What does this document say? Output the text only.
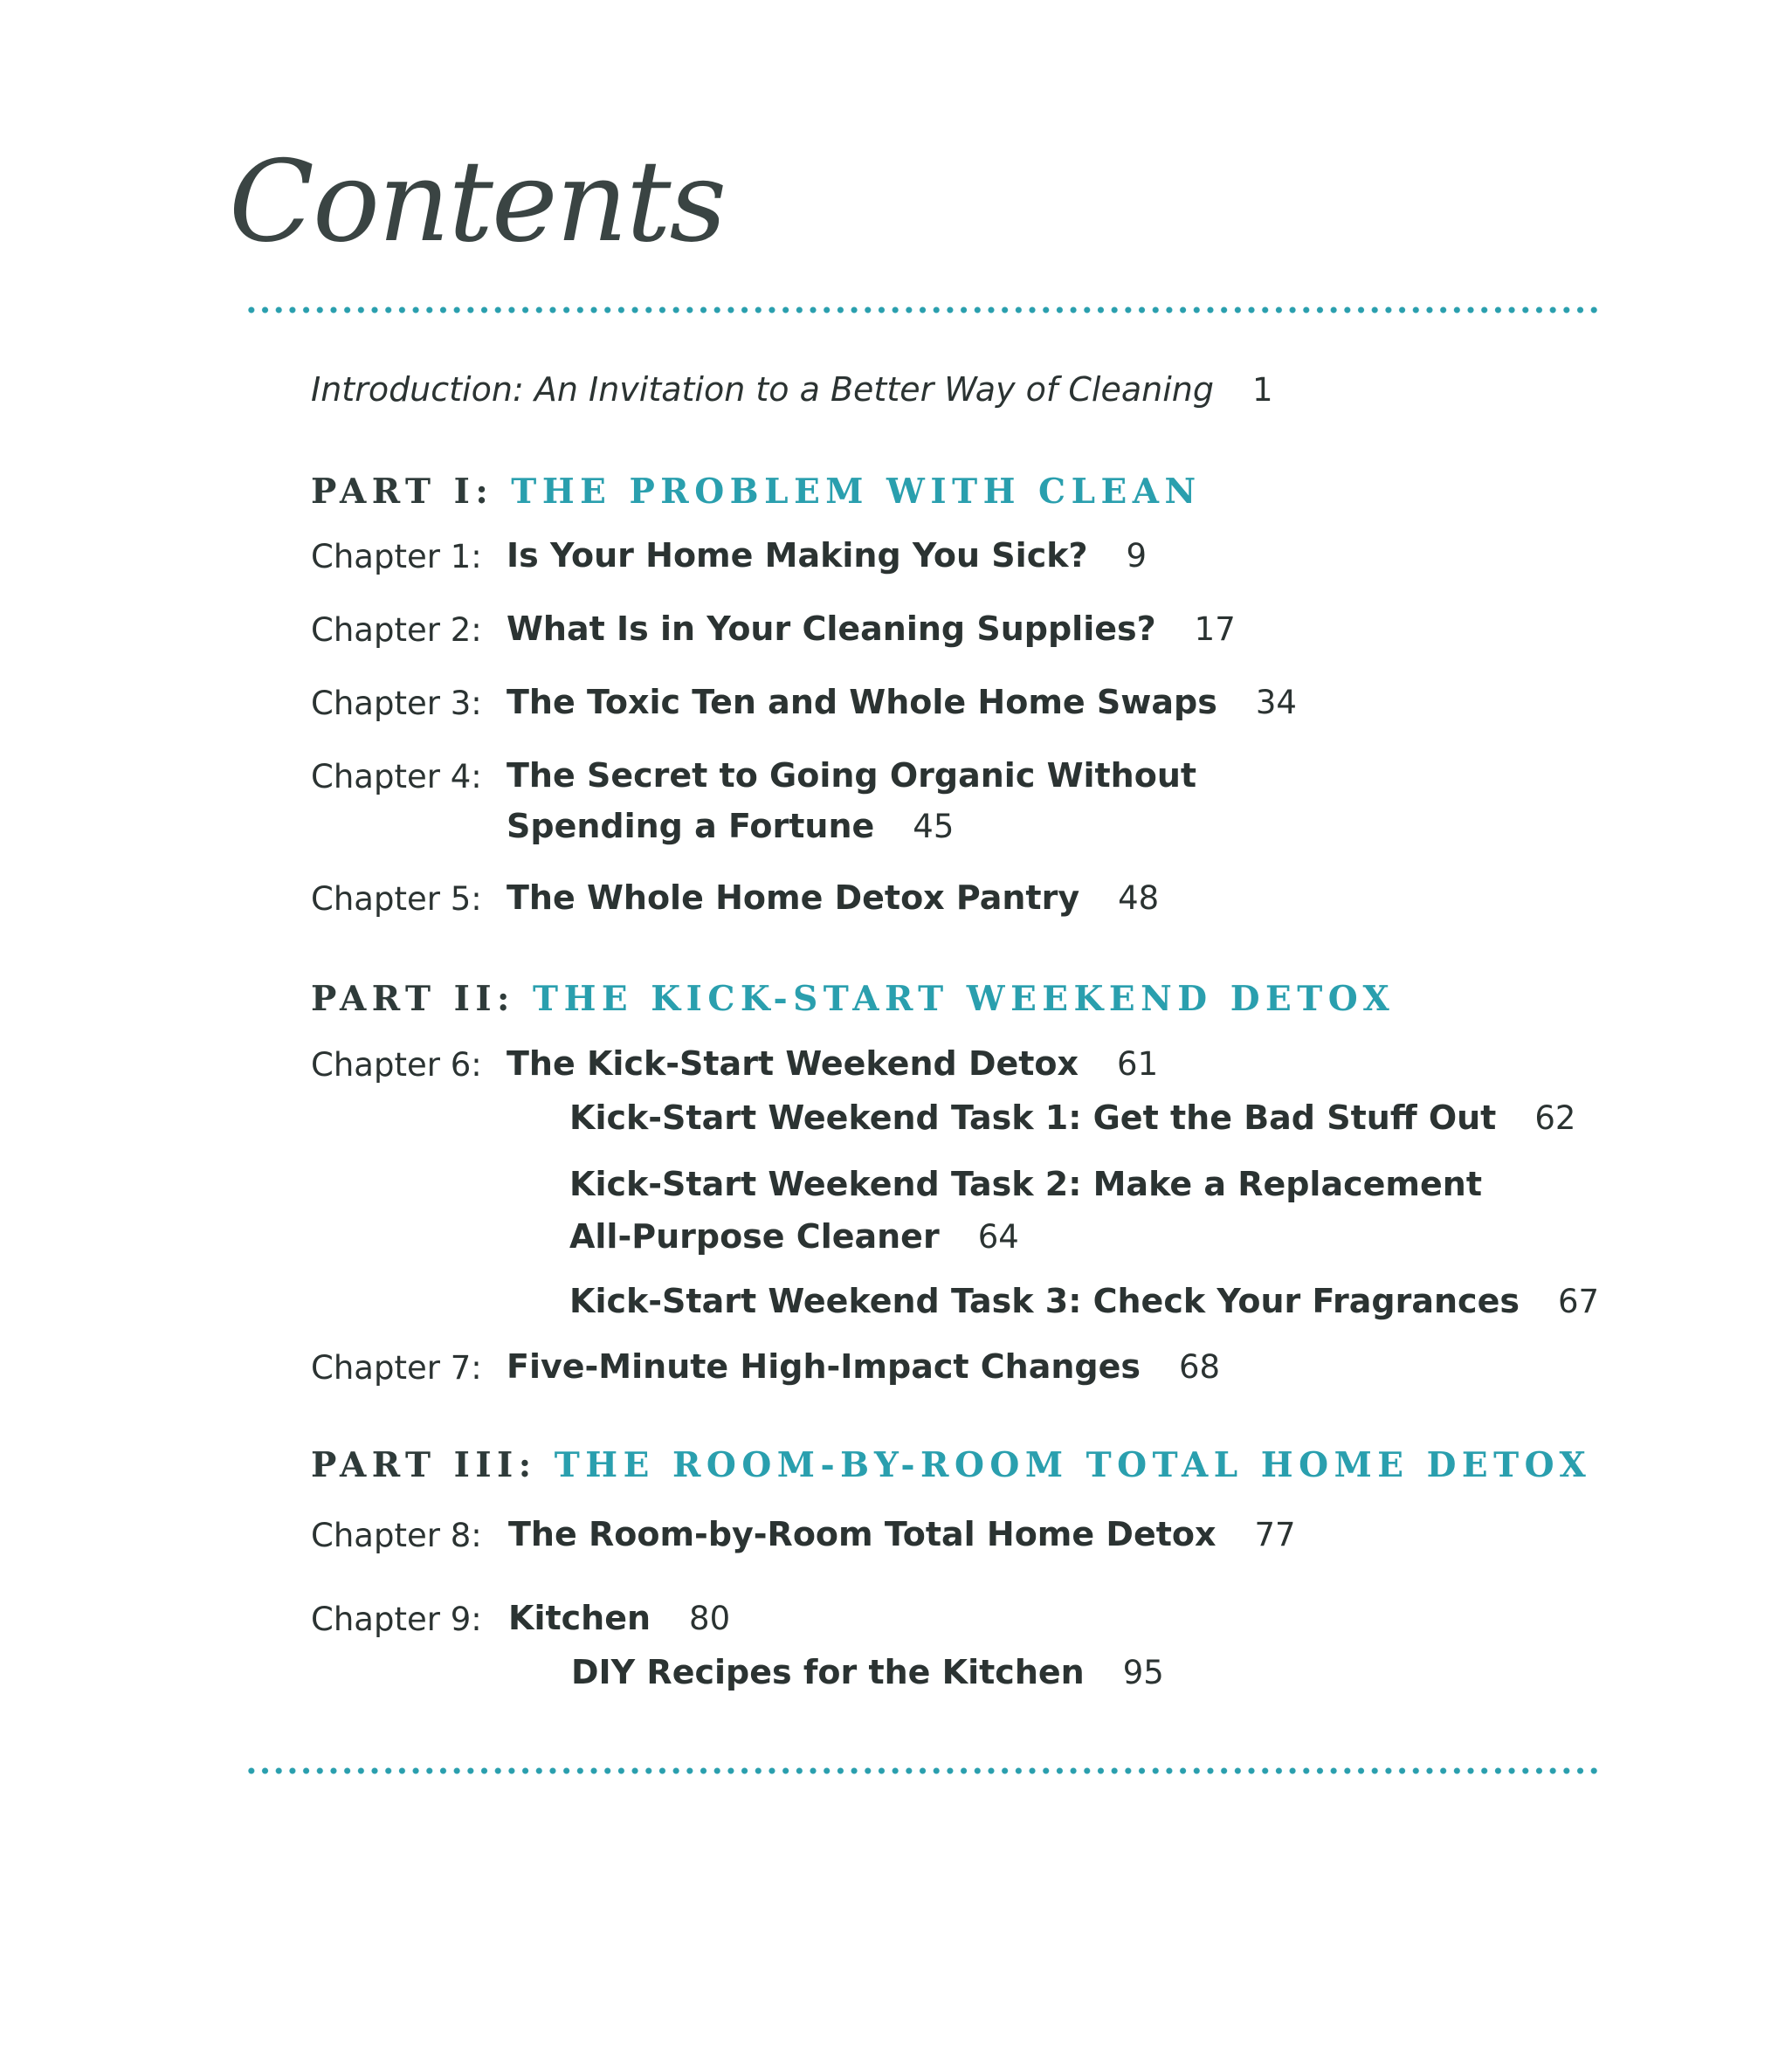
Contents
Introduction: An Invitation to a Better Way of Cleaning 1
PART I: THE PROBLEM WITH CLEAN
Chapter 1: Is Your Home Making You Sick? 9
Chapter 2: What Is in Your Cleaning Supplies? 17
Chapter 3: The Toxic Ten and Whole Home Swaps 34
Chapter 4: The Secret to Going Organic Without
Spending a Fortune 45
Chapter 5: The Whole Home Detox Pantry 48
PART II: THE KICK-START WEEKEND DETOX
Chapter 6: The Kick-Start Weekend Detox 61
Kick-Start Weekend Task 1: Get the Bad Stuff Out 62
Kick-Start Weekend Task 2: Make a Replacement
All-Purpose Cleaner 64
Kick-Start Weekend Task 3: Check Your Fragrances 67
Chapter 7: Five-Minute High-Impact Changes 68
PART III: THE ROOM-BY-ROOM TOTAL HOME DETOX
Chapter 8: The Room-by-Room Total Home Detox 77
Chapter 9: Kitchen 80
DIY Recipes for the Kitchen 95
